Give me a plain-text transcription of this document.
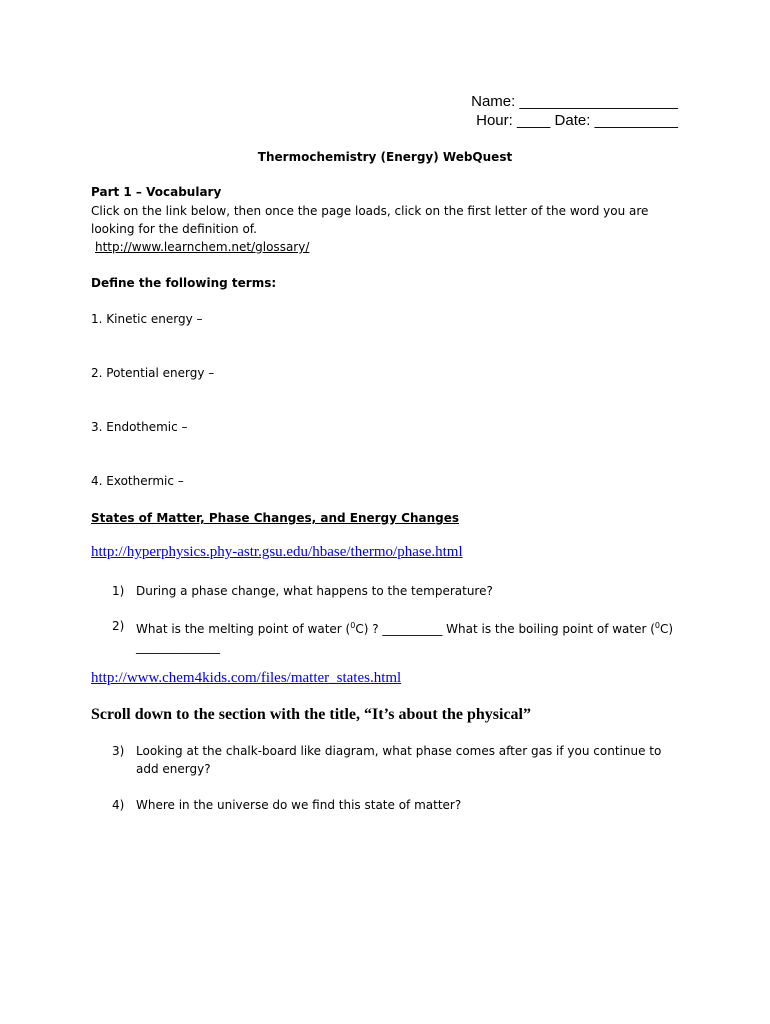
Name: ___________________
Hour: ____ Date: __________
Thermochemistry (Energy) WebQuest
Part 1 – Vocabulary
Click on the link below, then once the page loads, click on the first letter of the word you are
looking for the definition of.
http://www.learnchem.net/glossary/
Define the following terms:
1. Kinetic energy –
2. Potential energy –
3. Endothemic –
4. Exothermic –
States of Matter, Phase Changes, and Energy Changes
http://hyperphysics.phy-astr.gsu.edu/hbase/thermo/phase.html
1) During a phase change, what happens to the temperature?
2) What is the melting point of water ($^0$C) ? __________ What is the boiling point of water ($^0$C) ______________
http://www.chem4kids.com/files/matter_states.html
Scroll down to the section with the title, “It’s about the physical”
3) Looking at the chalk-board like diagram, what phase comes after gas if you continue to add energy?
4) Where in the universe do we find this state of matter?
